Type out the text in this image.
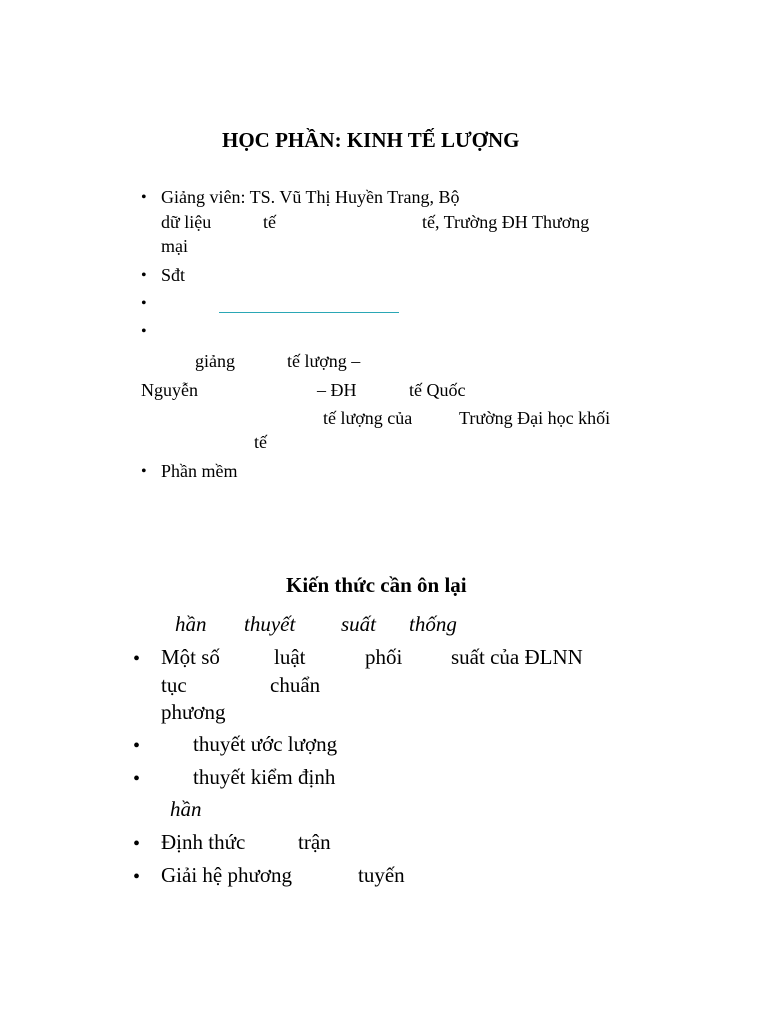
HỌC PHẦN: KINH TẾ LƯỢNG
• Giảng viên: TS. Vũ Thị Huyền Trang, Bộ
dữ liệu	tế	tế, Trường ĐH Thương
mại
• Sđt
•
•
giảng	tế lượng –
Nguyễn	– ĐH	tế Quốc
tế lượng của	Trường Đại học khối
tế
• Phần mềm
Kiến thức cần ôn lại
hần thuyết suất thống
• Một số	luật	phối suất của ĐLNN
tục	chuẩn
phương
•	thuyết ước lượng
•	thuyết kiểm định
hần
• Định thức	trận
• Giải hệ phương	tuyến
